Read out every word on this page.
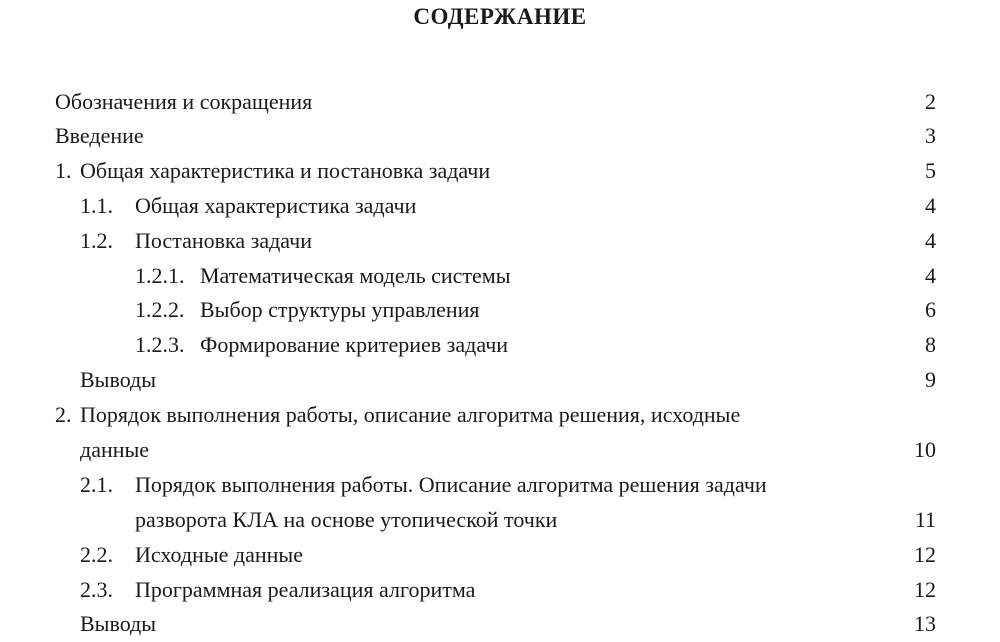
СОДЕРЖАНИЕ
Обозначения и сокращения	2
Введение	3
1. Общая характеристика и постановка задачи	5
1.1. Общая характеристика задачи	4
1.2. Постановка задачи	4
1.2.1. Математическая модель системы	4
1.2.2. Выбор структуры управления	6
1.2.3. Формирование критериев задачи	8
Выводы	9
2. Порядок выполнения работы, описание алгоритма решения, исходные
данные	10
2.1. Порядок выполнения работы. Описание алгоритма решения задачи
разворота КЛА на основе утопической точки	11
2.2. Исходные данные	12
2.3. Программная реализация алгоритма	12
Выводы	13
